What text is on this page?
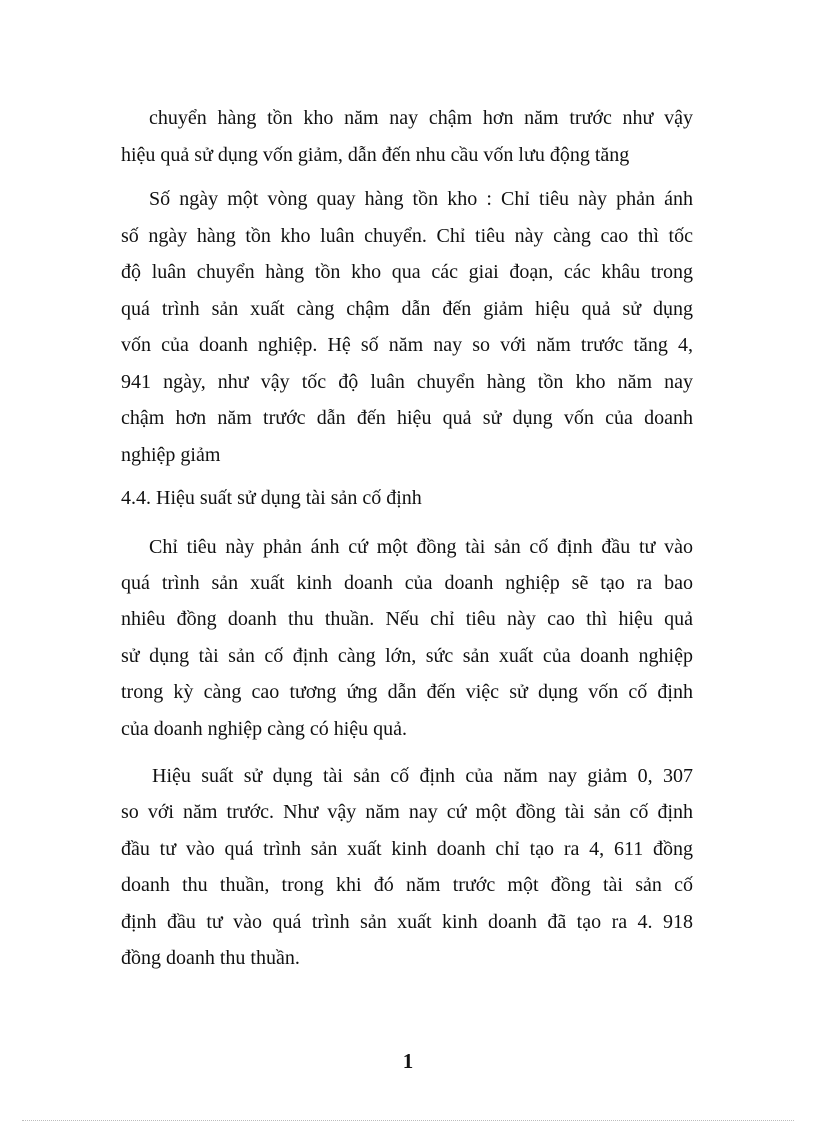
chuyển hàng tồn kho năm nay chậm hơn năm trước như vậy
hiệu quả sử dụng vốn giảm, dẫn đến nhu cầu vốn lưu động tăng
Số ngày một vòng quay hàng tồn kho : Chỉ tiêu này phản ánh
số ngày hàng tồn kho luân chuyển. Chỉ tiêu này càng cao thì tốc
độ luân chuyển hàng tồn kho qua các giai đoạn, các khâu trong
quá trình sản xuất càng chậm dẫn đến giảm hiệu quả sử dụng
vốn của doanh nghiệp. Hệ số năm nay so với năm trước tăng 4,
941 ngày, như vậy tốc độ luân chuyển hàng tồn kho năm nay
chậm hơn năm trước dẫn đến hiệu quả sử dụng vốn của doanh
nghiệp giảm
4.4. Hiệu suất sử dụng tài sản cố định
Chỉ tiêu này phản ánh cứ một đồng tài sản cố định đầu tư vào
quá trình sản xuất kinh doanh của doanh nghiệp sẽ tạo ra bao
nhiêu đồng doanh thu thuần. Nếu chỉ tiêu này cao thì hiệu quả
sử dụng tài sản cố định càng lớn, sức sản xuất của doanh nghiệp
trong kỳ càng cao tương ứng dẫn đến việc sử dụng vốn cố định
của doanh nghiệp càng có hiệu quả.
Hiệu suất sử dụng tài sản cố định của năm nay giảm 0, 307
so với năm trước. Như vậy năm nay cứ một đồng tài sản cố định
đầu tư vào quá trình sản xuất kinh doanh chỉ tạo ra 4, 611 đồng
doanh thu thuần, trong khi đó năm trước một đồng tài sản cố
định đầu tư vào quá trình sản xuất kinh doanh đã tạo ra 4. 918
đồng doanh thu thuần.
1
